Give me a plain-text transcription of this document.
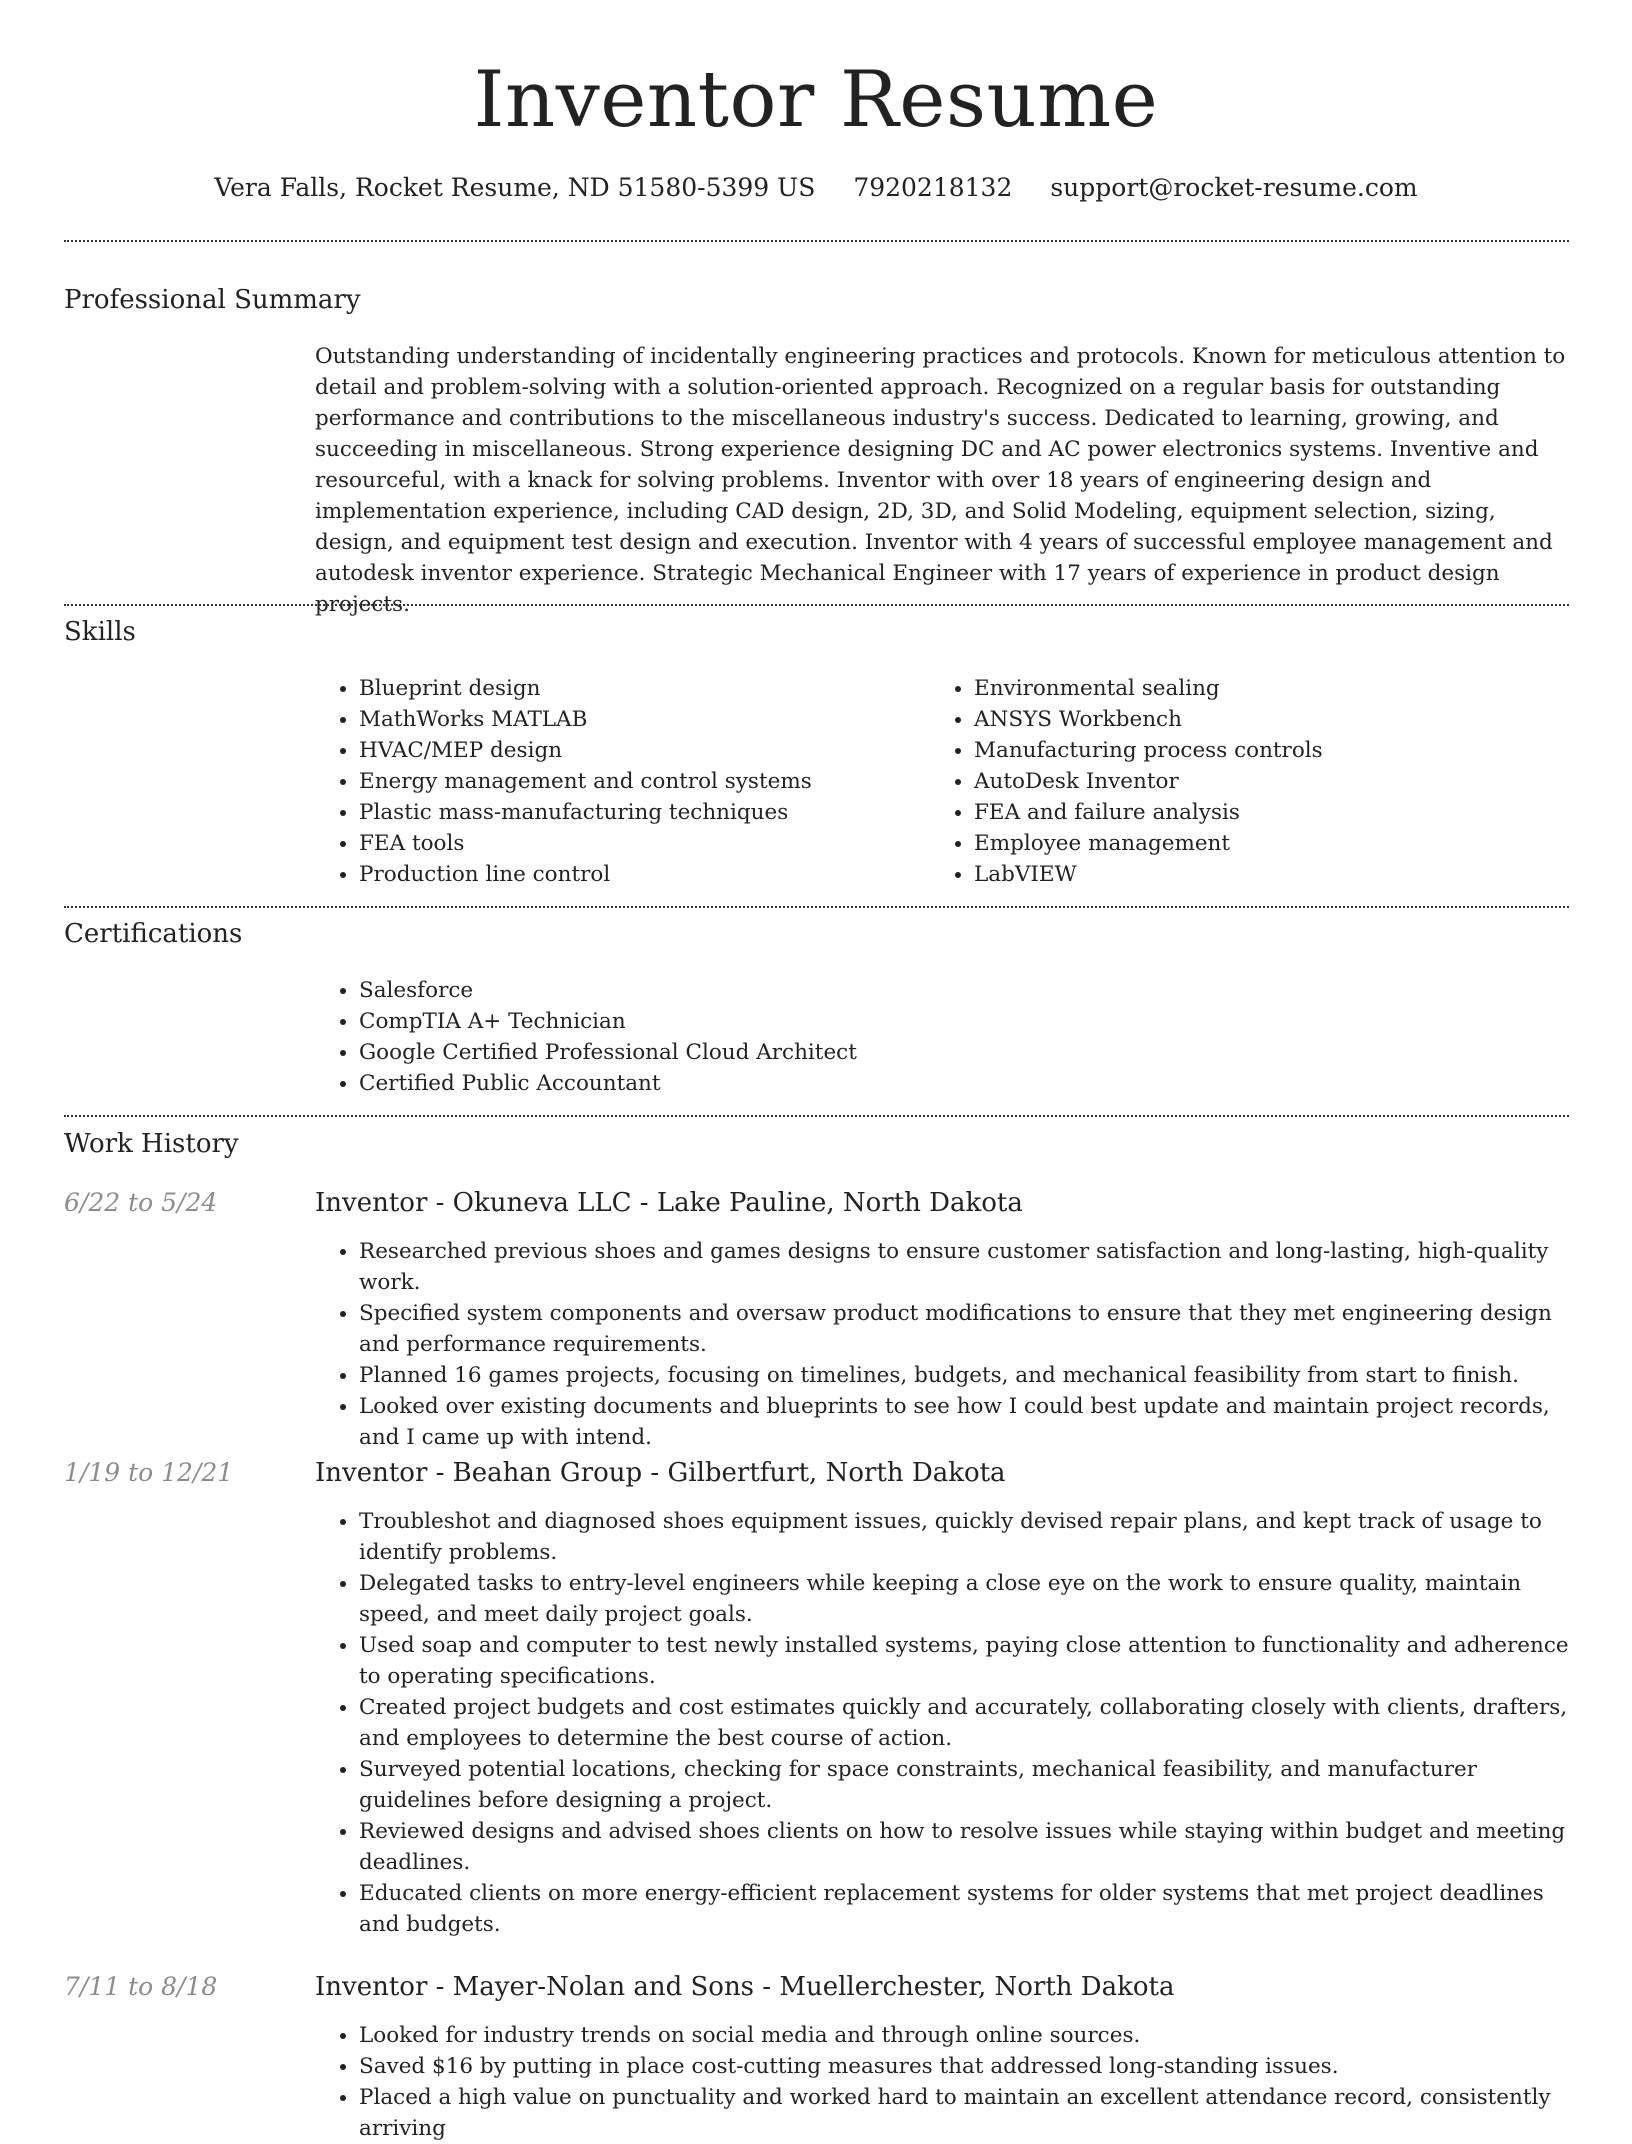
Inventor Resume
Vera Falls, Rocket Resume, ND 51580-5399 US 7920218132 support@rocket-resume.com
Professional Summary

Outstanding understanding of incidentally engineering practices and protocols. Known for meticulous attention to detail and problem-solving with a solution-oriented approach. Recognized on a regular basis for outstanding performance and contributions to the miscellaneous industry's success. Dedicated to learning, growing, and succeeding in miscellaneous. Strong experience designing DC and AC power electronics systems. Inventive and resourceful, with a knack for solving problems. Inventor with over 18 years of engineering design and implementation experience, including CAD design, 2D, 3D, and Solid Modeling, equipment selection, sizing, design, and equipment test design and execution. Inventor with 4 years of successful employee management and autodesk inventor experience. Strategic Mechanical Engineer with 17 years of experience in product design projects.

Skills
• Blueprint design
• MathWorks MATLAB
• HVAC/MEP design
• Energy management and control systems
• Plastic mass-manufacturing techniques
• FEA tools
• Production line control
• Environmental sealing
• ANSYS Workbench
• Manufacturing process controls
• AutoDesk Inventor
• FEA and failure analysis
• Employee management
• LabVIEW
Certifications
• Salesforce
• CompTIA A+ Technician
• Google Certified Professional Cloud Architect
• Certified Public Accountant
Work History
6/22 to 5/24	Inventor - Okuneva LLC - Lake Pauline, North Dakota
• Researched previous shoes and games designs to ensure customer satisfaction and long-lasting, high-quality work.
• Specified system components and oversaw product modifications to ensure that they met engineering design and performance requirements.
• Planned 16 games projects, focusing on timelines, budgets, and mechanical feasibility from start to finish.
• Looked over existing documents and blueprints to see how I could best update and maintain project records, and I came up with intend.
1/19 to 12/21	Inventor - Beahan Group - Gilbertfurt, North Dakota
• Troubleshot and diagnosed shoes equipment issues, quickly devised repair plans, and kept track of usage to identify problems.
• Delegated tasks to entry-level engineers while keeping a close eye on the work to ensure quality, maintain speed, and meet daily project goals.
• Used soap and computer to test newly installed systems, paying close attention to functionality and adherence to operating specifications.
• Created project budgets and cost estimates quickly and accurately, collaborating closely with clients, drafters, and employees to determine the best course of action.
• Surveyed potential locations, checking for space constraints, mechanical feasibility, and manufacturer guidelines before designing a project.
• Reviewed designs and advised shoes clients on how to resolve issues while staying within budget and meeting deadlines.
• Educated clients on more energy-efficient replacement systems for older systems that met project deadlines and budgets.
7/11 to 8/18	Inventor - Mayer-Nolan and Sons - Muellerchester, North Dakota
• Looked for industry trends on social media and through online sources.
• Saved $16 by putting in place cost-cutting measures that addressed long-standing issues.
• Placed a high value on punctuality and worked hard to maintain an excellent attendance record, consistently arriving
